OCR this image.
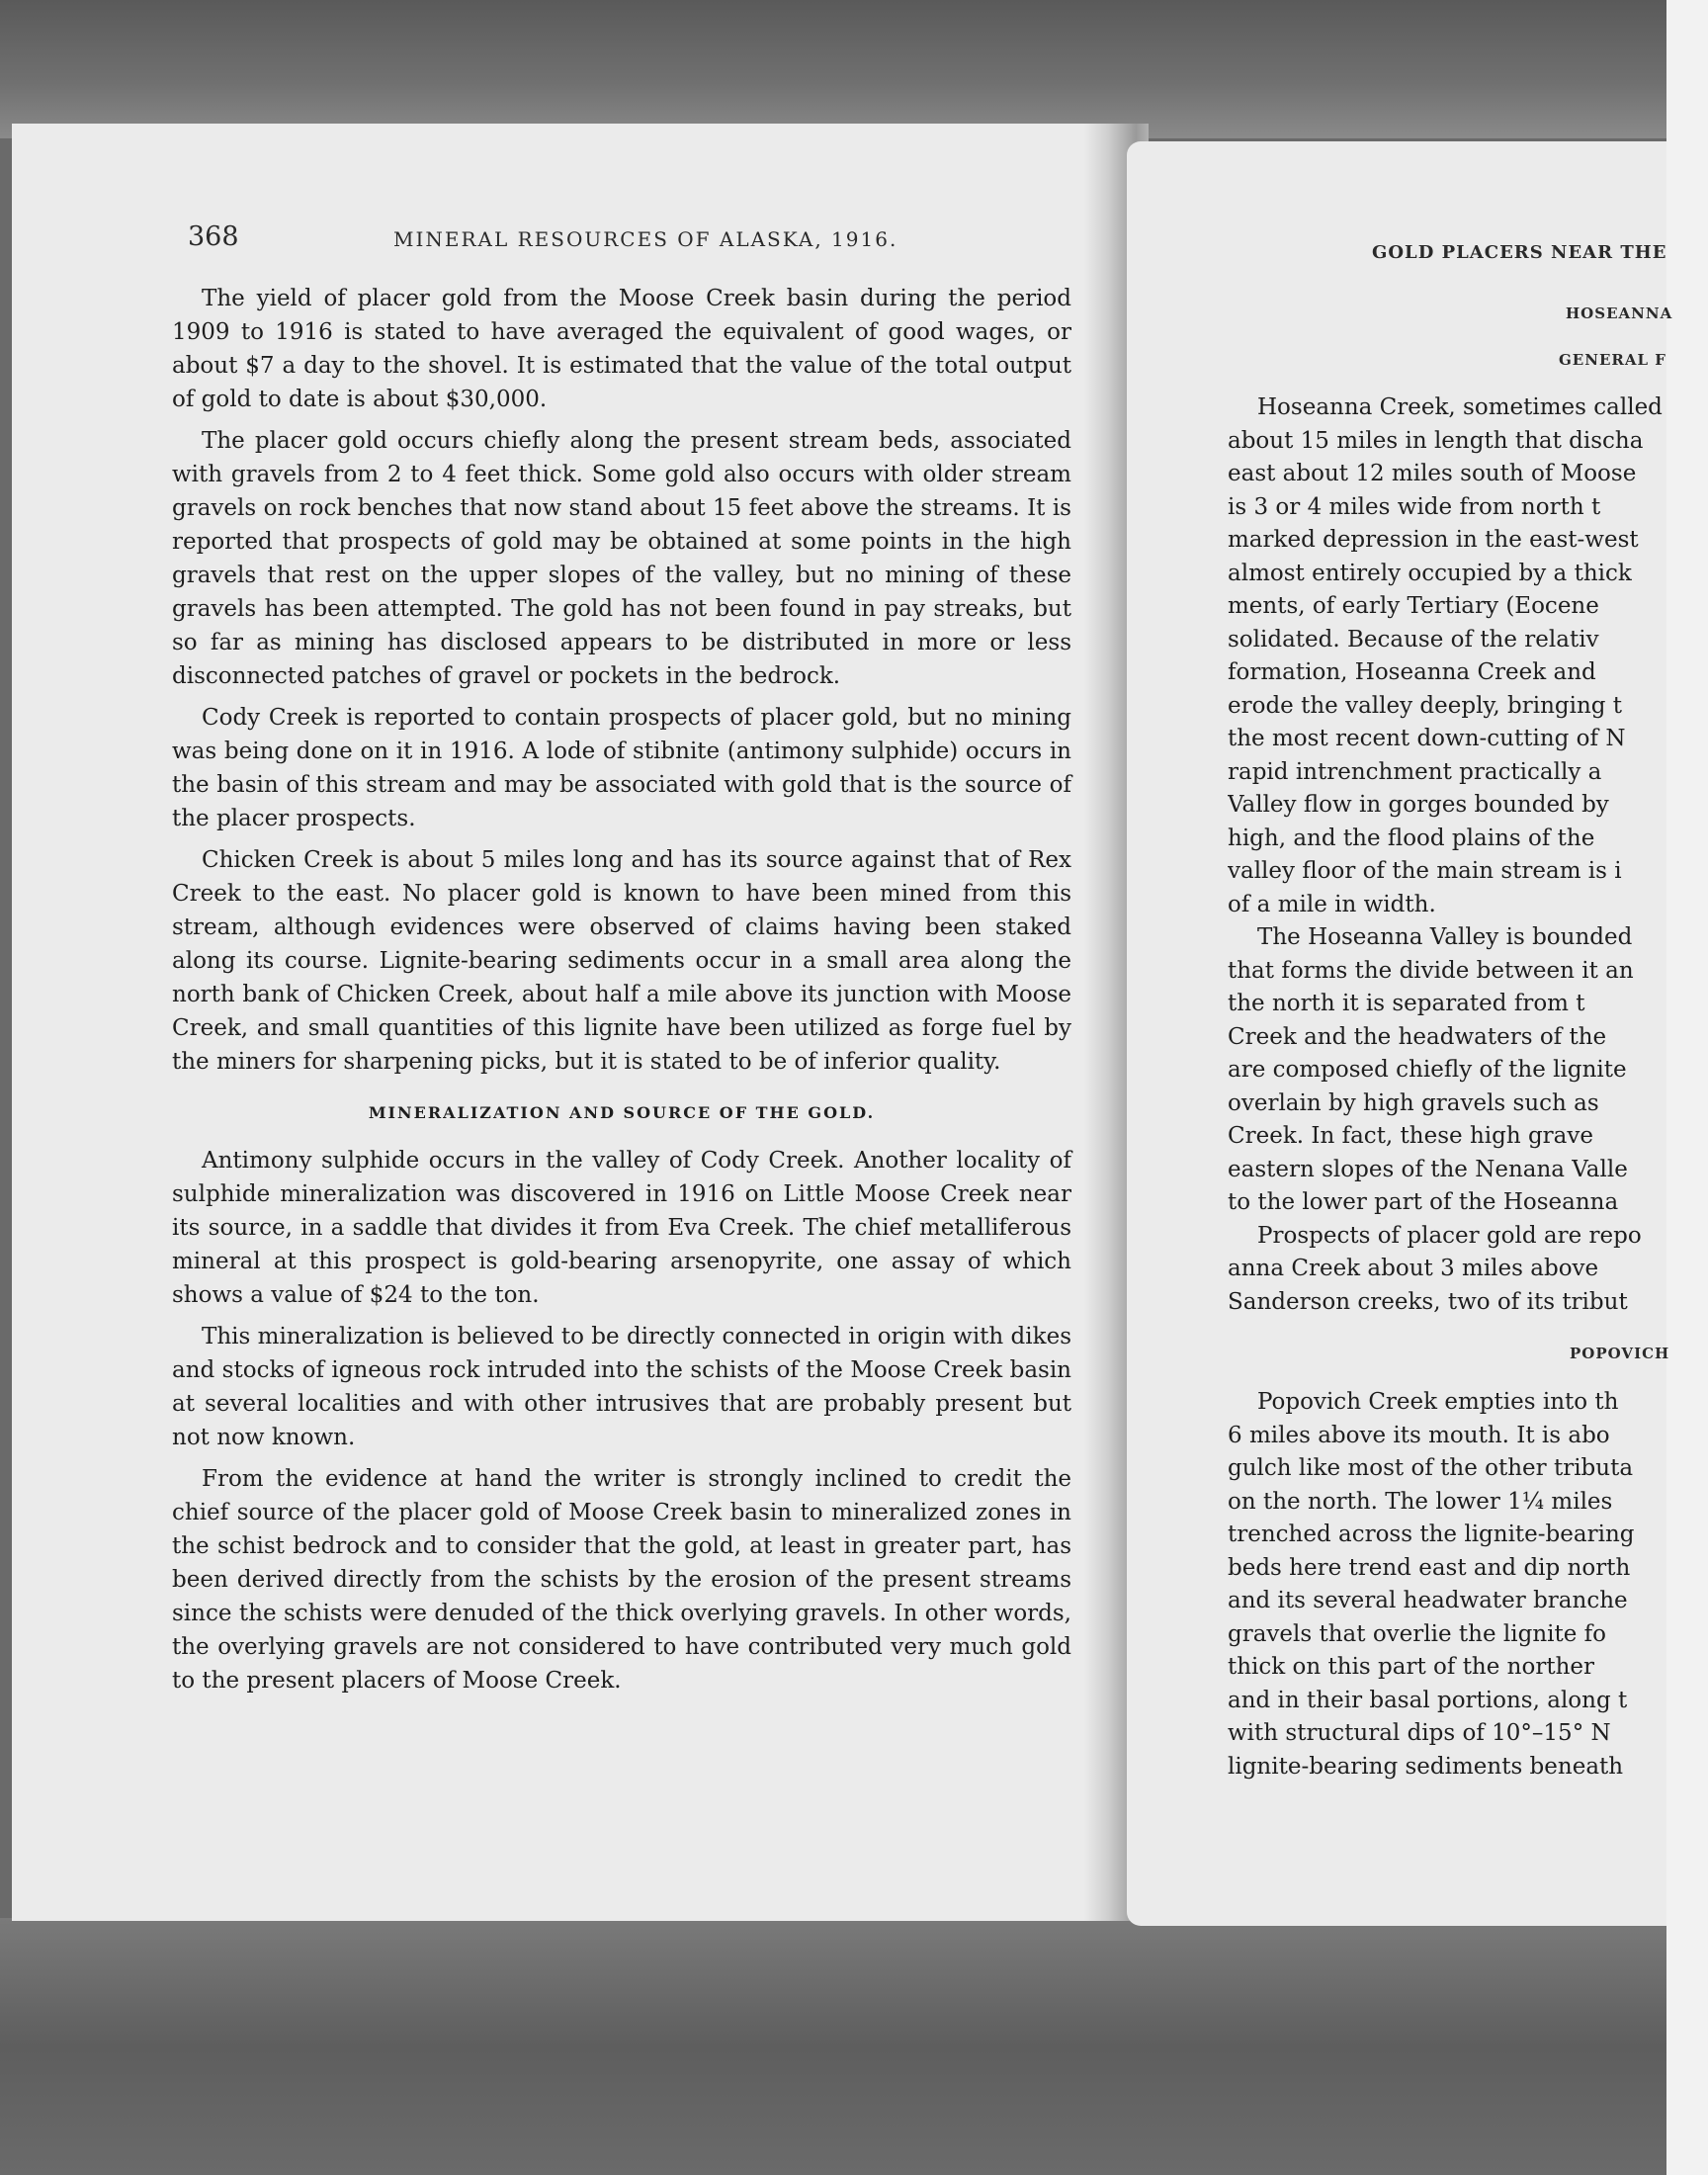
368	MINERAL RESOURCES OF ALASKA, 1916.

The yield of placer gold from the Moose Creek basin during the period 1909 to 1916 is stated to have averaged the equivalent of good wages, or about $7 a day to the shovel. It is estimated that the value of the total output of gold to date is about $30,000.

The placer gold occurs chiefly along the present stream beds, associated with gravels from 2 to 4 feet thick. Some gold also occurs with older stream gravels on rock benches that now stand about 15 feet above the streams. It is reported that prospects of gold may be obtained at some points in the high gravels that rest on the upper slopes of the valley, but no mining of these gravels has been attempted. The gold has not been found in pay streaks, but so far as mining has disclosed appears to be distributed in more or less disconnected patches of gravel or pockets in the bedrock.

Cody Creek is reported to contain prospects of placer gold, but no mining was being done on it in 1916. A lode of stibnite (antimony sulphide) occurs in the basin of this stream and may be associated with gold that is the source of the placer prospects.

Chicken Creek is about 5 miles long and has its source against that of Rex Creek to the east. No placer gold is known to have been mined from this stream, although evidences were observed of claims having been staked along its course. Lignite-bearing sediments occur in a small area along the north bank of Chicken Creek, about half a mile above its junction with Moose Creek, and small quantities of this lignite have been utilized as forge fuel by the miners for sharpening picks, but it is stated to be of inferior quality.

MINERALIZATION AND SOURCE OF THE GOLD.

Antimony sulphide occurs in the valley of Cody Creek. Another locality of sulphide mineralization was discovered in 1916 on Little Moose Creek near its source, in a saddle that divides it from Eva Creek. The chief metalliferous mineral at this prospect is gold-bearing arsenopyrite, one assay of which shows a value of $24 to the ton.

This mineralization is believed to be directly connected in origin with dikes and stocks of igneous rock intruded into the schists of the Moose Creek basin at several localities and with other intrusives that are probably present but not now known.

From the evidence at hand the writer is strongly inclined to credit the chief source of the placer gold of Moose Creek basin to mineralized zones in the schist bedrock and to consider that the gold, at least in greater part, has been derived directly from the schists by the erosion of the present streams since the schists were denuded of the thick overlying gravels. In other words, the overlying gravels are not considered to have contributed very much gold to the present placers of Moose Creek.

GOLD PLACERS NEAR THE
HOSEANNA
GENERAL F
POPOVICH
Hoseanna Creek, sometimes called
about 15 miles in length that discha
east about 12 miles south of Moose
is 3 or 4 miles wide from north t
marked depression in the east-west
almost entirely occupied by a thick
ments, of early Tertiary (Eocene
solidated. Because of the relativ
formation, Hoseanna Creek and
erode the valley deeply, bringing t
the most recent down-cutting of N
rapid intrenchment practically a
Valley flow in gorges bounded by
high, and the flood plains of the
valley floor of the main stream is i
of a mile in width.
The Hoseanna Valley is bounded
that forms the divide between it an
the north it is separated from t
Creek and the headwaters of the
are composed chiefly of the lignite
overlain by high gravels such as
Creek. In fact, these high grave
eastern slopes of the Nenana Valle
to the lower part of the Hoseanna
Prospects of placer gold are repo
anna Creek about 3 miles above
Sanderson creeks, two of its tribut
Popovich Creek empties into th
6 miles above its mouth. It is abo
gulch like most of the other tributa
on the north. The lower 1¼ miles
trenched across the lignite-bearing
beds here trend east and dip north
and its several headwater branche
gravels that overlie the lignite fo
thick on this part of the norther
and in their basal portions, along t
with structural dips of 10°–15° N
lignite-bearing sediments beneath
